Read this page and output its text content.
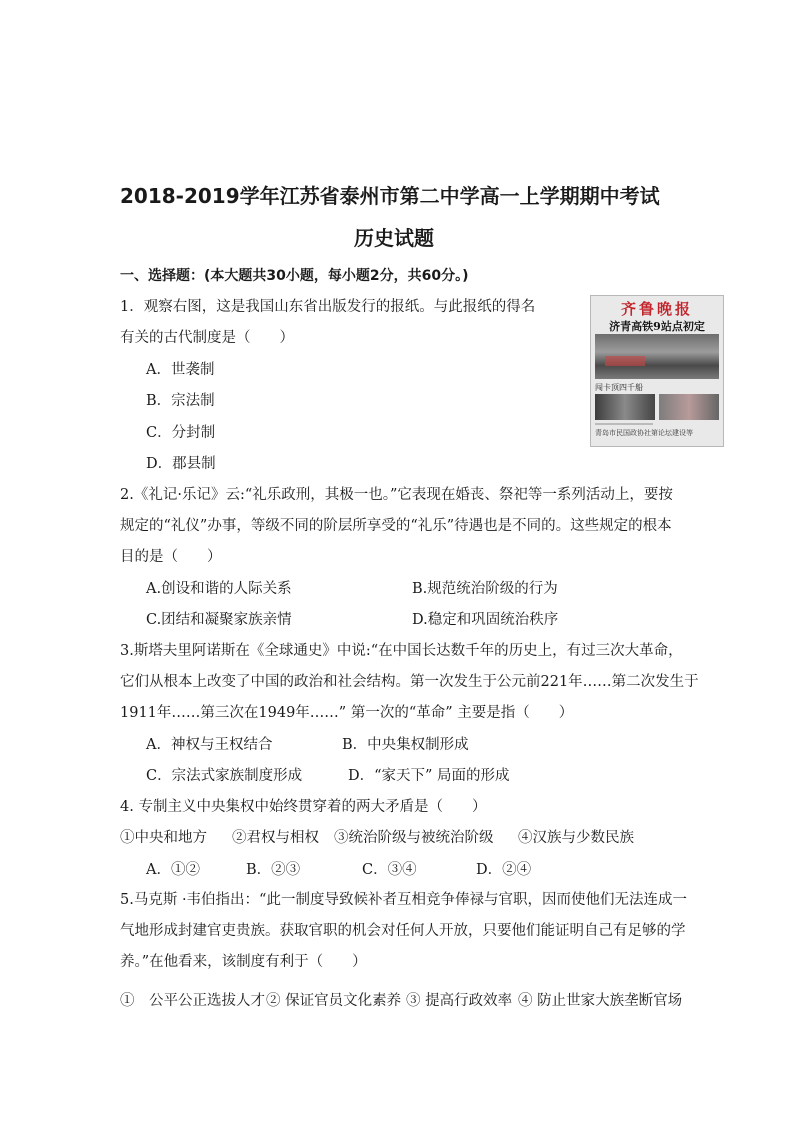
2018-2019学年江苏省泰州市第二中学高一上学期期中考试
历史试题
一、选择题：(本大题共30小题，每小题2分，共60分。)
1．观察右图，这是我国山东省出版发行的报纸。与此报纸的得名
有关的古代制度是（　　）
A．世袭制
B．宗法制
C．分封制
D．郡县制
齐鲁晚报
济青高铁9站点初定
闯卡顶四千船
青岛市民国政协社第论坛建设等
2.《礼记·乐记》云:“礼乐政刑，其极一也。”它表现在婚丧、祭祀等一系列活动上，要按
规定的“礼仪”办事，等级不同的阶层所享受的“礼乐”待遇也是不同的。这些规定的根本
目的是（　　）
A.创设和谐的人际关系	B.规范统治阶级的行为
C.团结和凝聚家族亲情	D.稳定和巩固统治秩序
3.斯塔夫里阿诺斯在《全球通史》中说:“在中国长达数千年的历史上，有过三次大革命，
它们从根本上改变了中国的政治和社会结构。第一次发生于公元前221年……第二次发生于
1911年……第三次在1949年……” 第一次的“革命” 主要是指（　　）
A．神权与王权结合	B．中央集权制形成
C．宗法式家族制度形成	D．“家天下” 局面的形成
4. 专制主义中央集权中始终贯穿着的两大矛盾是（　　）
①中央和地方 ②君权与相权 ③统治阶级与被统治阶级 ④汉族与少数民族
A．①②	B．②③	C．③④	D．②④
5.马克斯 ·韦伯指出：“此一制度导致候补者互相竞争俸禄与官职，因而使他们无法连成一
气地形成封建官吏贵族。获取官职的机会对任何人开放，只要他们能证明自己有足够的学
养。”在他看来，该制度有利于（　　）
①　公平公正选拔人才 ② 保证官员文化素养 ③ 提高行政效率 ④ 防止世家大族垄断官场
